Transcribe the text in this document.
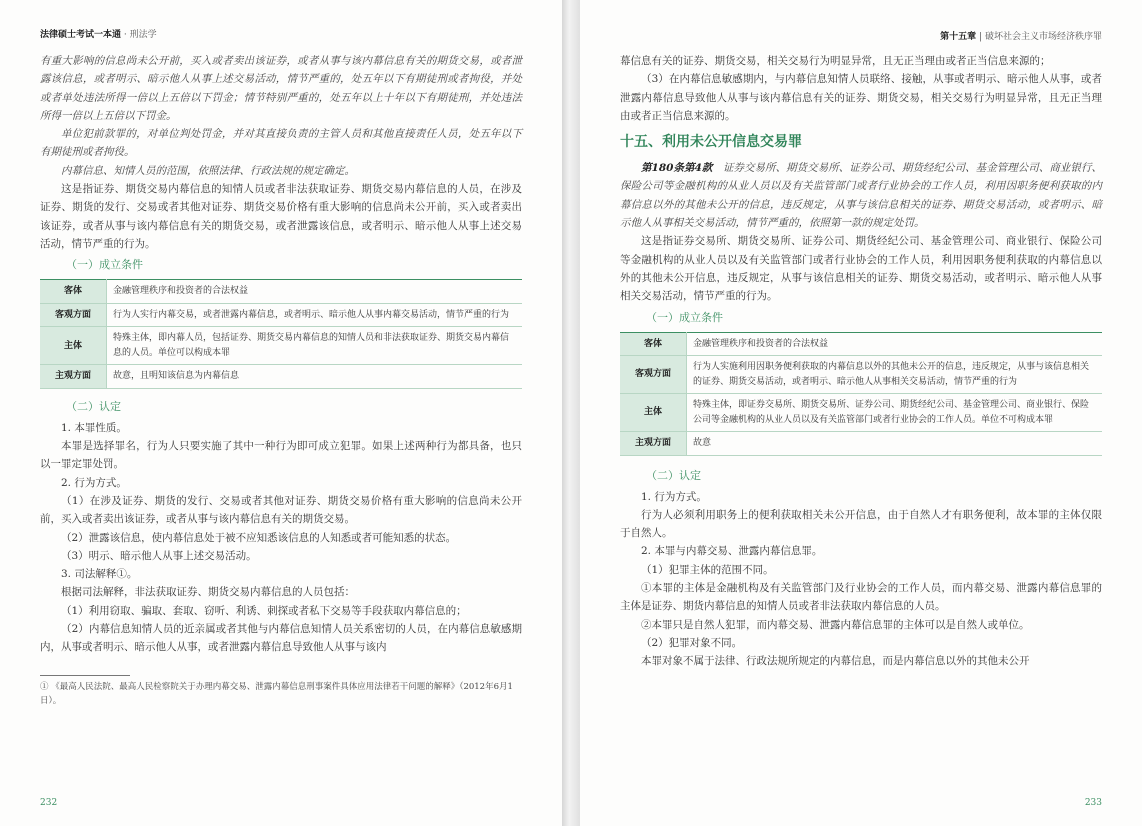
法律硕士考试一本通 · 刑法学

有重大影响的信息尚未公开前，买入或者卖出该证券，或者从事与该内幕信息有关的期货交易，或者泄露该信息，或者明示、暗示他人从事上述交易活动，情节严重的，处五年以下有期徒刑或者拘役，并处或者单处违法所得一倍以上五倍以下罚金；情节特别严重的，处五年以上十年以下有期徒刑，并处违法所得一倍以上五倍以下罚金。

单位犯前款罪的，对单位判处罚金，并对其直接负责的主管人员和其他直接责任人员，处五年以下有期徒刑或者拘役。

内幕信息、知情人员的范围，依照法律、行政法规的规定确定。

这是指证券、期货交易内幕信息的知情人员或者非法获取证券、期货交易内幕信息的人员，在涉及证券、期货的发行、交易或者其他对证券、期货交易价格有重大影响的信息尚未公开前，买入或者卖出该证券，或者从事与该内幕信息有关的期货交易，或者泄露该信息，或者明示、暗示他人从事上述交易活动，情节严重的行为。

（一）成立条件
客体	金融管理秩序和投资者的合法权益
客观方面	行为人实行内幕交易，或者泄露内幕信息，或者明示、暗示他人从事内幕交易活动，情节严重的行为
主体	特殊主体，即内幕人员，包括证券、期货交易内幕信息的知情人员和非法获取证券、期货交易内幕信息的人员。单位可以构成本罪
主观方面	故意，且明知该信息为内幕信息
（二）认定

1. 本罪性质。

本罪是选择罪名，行为人只要实施了其中一种行为即可成立犯罪。如果上述两种行为都具备，也只以一罪定罪处罚。

2. 行为方式。

（1）在涉及证券、期货的发行、交易或者其他对证券、期货交易价格有重大影响的信息尚未公开前，买入或者卖出该证券，或者从事与该内幕信息有关的期货交易。

（2）泄露该信息，使内幕信息处于被不应知悉该信息的人知悉或者可能知悉的状态。

（3）明示、暗示他人从事上述交易活动。

3. 司法解释①。

根据司法解释，非法获取证券、期货交易内幕信息的人员包括：

（1）利用窃取、骗取、套取、窃听、利诱、刺探或者私下交易等手段获取内幕信息的；

（2）内幕信息知情人员的近亲属或者其他与内幕信息知情人员关系密切的人员，在内幕信息敏感期内，从事或者明示、暗示他人从事，或者泄露内幕信息导致他人从事与该内

① 《最高人民法院、最高人民检察院关于办理内幕交易、泄露内幕信息刑事案件具体应用法律若干问题的解释》（2012年6月1日）。

232
第十五章 | 破坏社会主义市场经济秩序罪

幕信息有关的证券、期货交易，相关交易行为明显异常，且无正当理由或者正当信息来源的；

（3）在内幕信息敏感期内，与内幕信息知情人员联络、接触，从事或者明示、暗示他人从事，或者泄露内幕信息导致他人从事与该内幕信息有关的证券、期货交易，相关交易行为明显异常，且无正当理由或者正当信息来源的。

十五、利用未公开信息交易罪

第180条第4款　 证券交易所、期货交易所、证券公司、期货经纪公司、基金管理公司、商业银行、保险公司等金融机构的从业人员以及有关监管部门或者行业协会的工作人员，利用因职务便利获取的内幕信息以外的其他未公开的信息，违反规定，从事与该信息相关的证券、期货交易活动，或者明示、暗示他人从事相关交易活动，情节严重的，依照第一款的规定处罚。

这是指证券交易所、期货交易所、证券公司、期货经纪公司、基金管理公司、商业银行、保险公司等金融机构的从业人员以及有关监管部门或者行业协会的工作人员，利用因职务便利获取的内幕信息以外的其他未公开信息，违反规定，从事与该信息相关的证券、期货交易活动，或者明示、暗示他人从事相关交易活动，情节严重的行为。

（一）成立条件
客体	金融管理秩序和投资者的合法权益
客观方面	行为人实施利用因职务便利获取的内幕信息以外的其他未公开的信息，违反规定，从事与该信息相关的证券、期货交易活动，或者明示、暗示他人从事相关交易活动，情节严重的行为
主体	特殊主体，即证券交易所、期货交易所、证券公司、期货经纪公司、基金管理公司、商业银行、保险公司等金融机构的从业人员以及有关监管部门或者行业协会的工作人员。单位不可构成本罪
主观方面	故意
（二）认定

1. 行为方式。

行为人必须利用职务上的便利获取相关未公开信息，由于自然人才有职务便利，故本罪的主体仅限于自然人。

2. 本罪与内幕交易、泄露内幕信息罪。

（1）犯罪主体的范围不同。

①本罪的主体是金融机构及有关监管部门及行业协会的工作人员，而内幕交易、泄露内幕信息罪的主体是证券、期货内幕信息的知情人员或者非法获取内幕信息的人员。

②本罪只是自然人犯罪，而内幕交易、泄露内幕信息罪的主体可以是自然人或单位。

（2）犯罪对象不同。

本罪对象不属于法律、行政法规所规定的内幕信息，而是内幕信息以外的其他未公开

233
